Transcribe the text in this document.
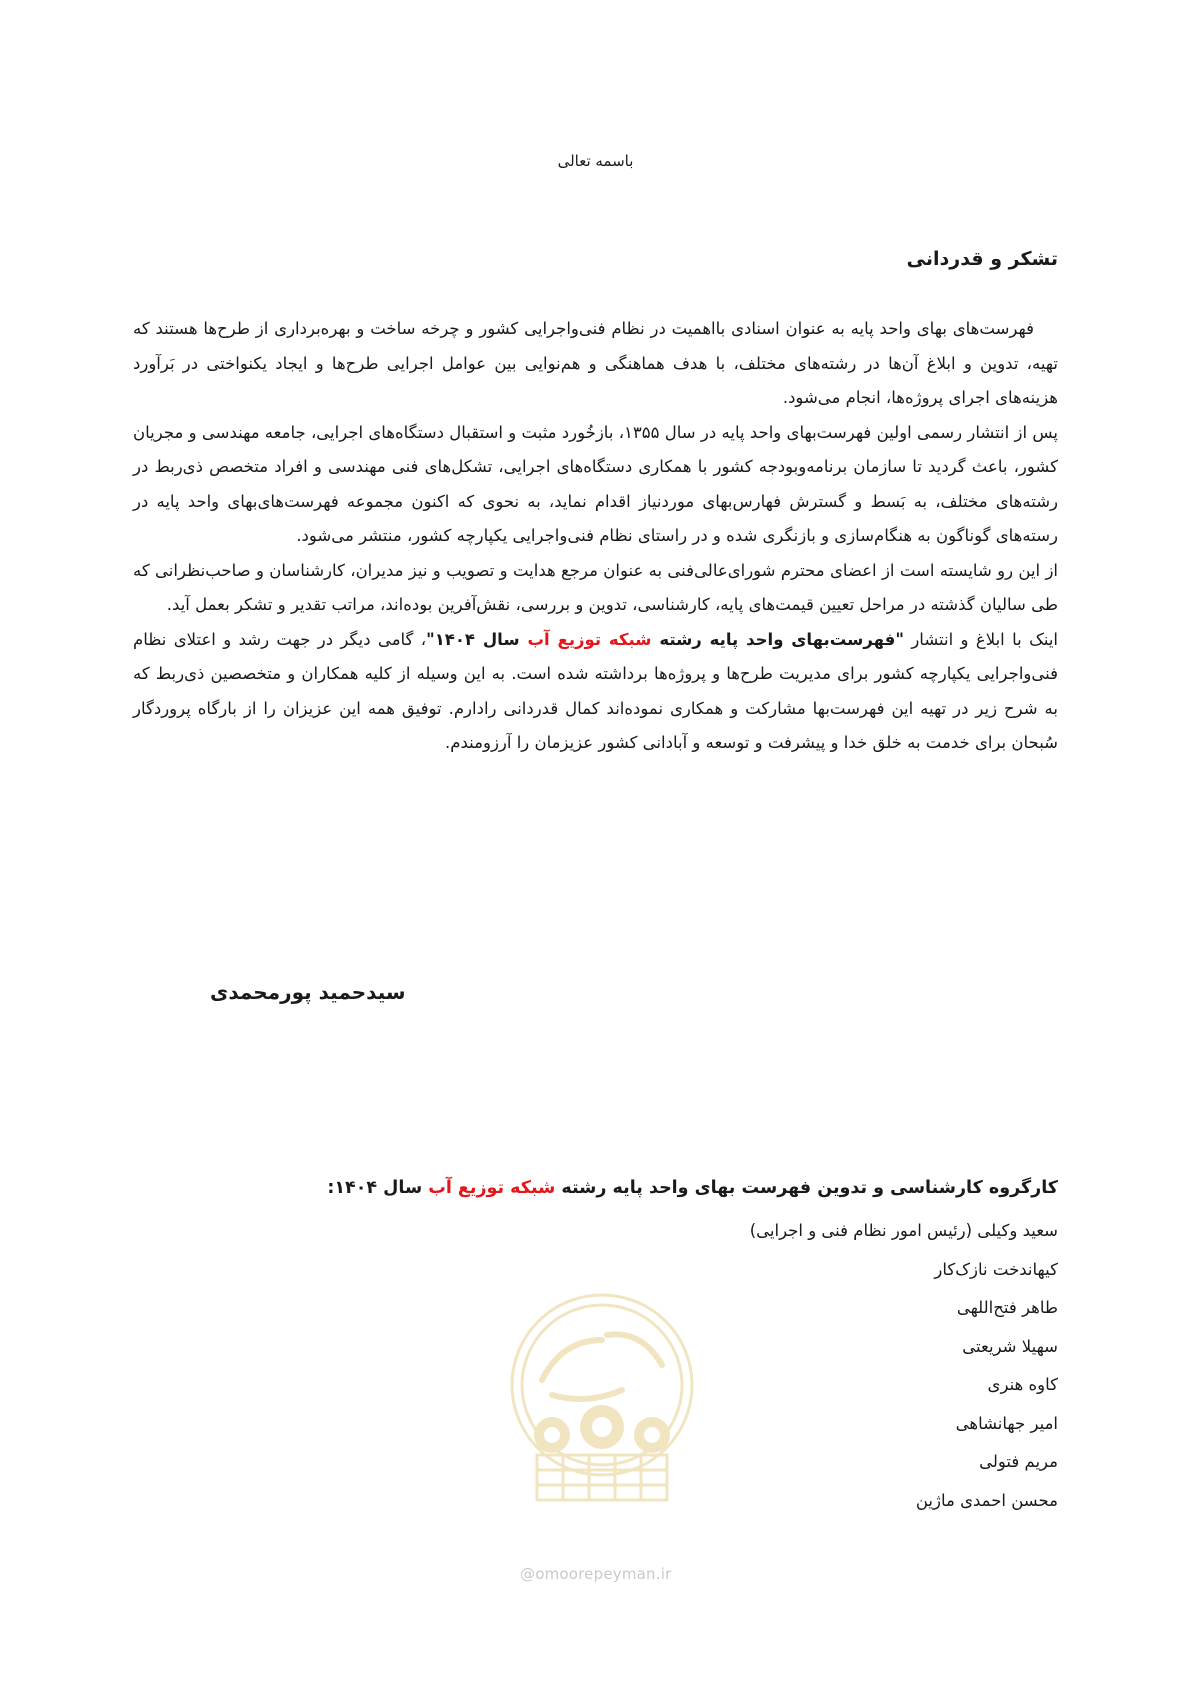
باسمه تعالی
تشکر و قدردانی

فهرست‌های بهای واحد پایه به عنوان اسنادی بااهمیت در نظام فنی‌واجرایی کشور و چرخه ساخت و بهره‌برداری از طرح‌ها هستند که تهیه، تدوین و ابلاغ آن‌ها در رشته‌های مختلف، با هدف هماهنگی و هم‌نوایی بین عوامل اجرایی طرح‌ها و ایجاد یکنواختی در بَرآورد هزینه‌های اجرای پروژه‌ها، انجام می‌شود.

پس از انتشار رسمی اولین فهرست‌بهای واحد پایه در سال ۱۳۵۵، بازخُورد مثبت و استقبال دستگاه‌های اجرایی، جامعه مهندسی و مجریان کشور، باعث گردید تا سازمان برنامه‌وبودجه کشور با همکاری دستگاه‌های اجرایی، تشکل‌های فنی مهندسی و افراد متخصص ذی‌ربط در رشته‌های مختلف، به بَسط و گسترش فهارس‌بهای موردنیاز اقدام نماید، به نحوی که اکنون مجموعه فهرست‌های‌بهای واحد پایه در رسته‌های گوناگون به هنگام‌سازی و بازنگری شده و در راستای نظام فنی‌واجرایی یکپارچه کشور، منتشر می‌شود.

از این رو شایسته است از اعضای محترم شورای‌عالی‌فنی به عنوان مرجع هدایت و تصویب و نیز مدیران، کارشناسان و صاحب‌نظرانی که طی سالیان گذشته در مراحل تعیین قیمت‌های پایه، کارشناسی، تدوین و بررسی، نقش‌آفرین بوده‌اند، مراتب تقدیر و تشکر بعمل آید.

اینک با ابلاغ و انتشار "فهرست‌بهای واحد پایه رشته شبکه توزیع آب سال ۱۴۰۴"، گامی دیگر در جهت رشد و اعتلای نظام فنی‌واجرایی یکپارچه کشور برای مدیریت طرح‌ها و پروژه‌ها برداشته شده است. به این وسیله از کلیه همکاران و متخصصین ذی‌ربط که به شرح زیر در تهیه این فهرست‌بها مشارکت و همکاری نموده‌اند کمال قدردانی رادارم. توفیق همه این عزیزان را از بارگاه پروردگار سُبحان برای خدمت به خلق خدا و پیشرفت و توسعه و آبادانی کشور عزیزمان را آرزومندم.

سیدحمید پورمحمدی
کارگروه کارشناسی و تدوین فهرست بهای واحد پایه رشته شبکه توزیع آب سال ۱۴۰۴:
سعید وکیلی (رئیس امور نظام فنی و اجرایی)
کیهاندخت نازک‌کار
طاهر فتح‌اللهی
سهیلا شریعتی
کاوه هنری
امیر جهانشاهی
مریم فتولی
محسن احمدی ماژین
@omoorepeyman.ir
